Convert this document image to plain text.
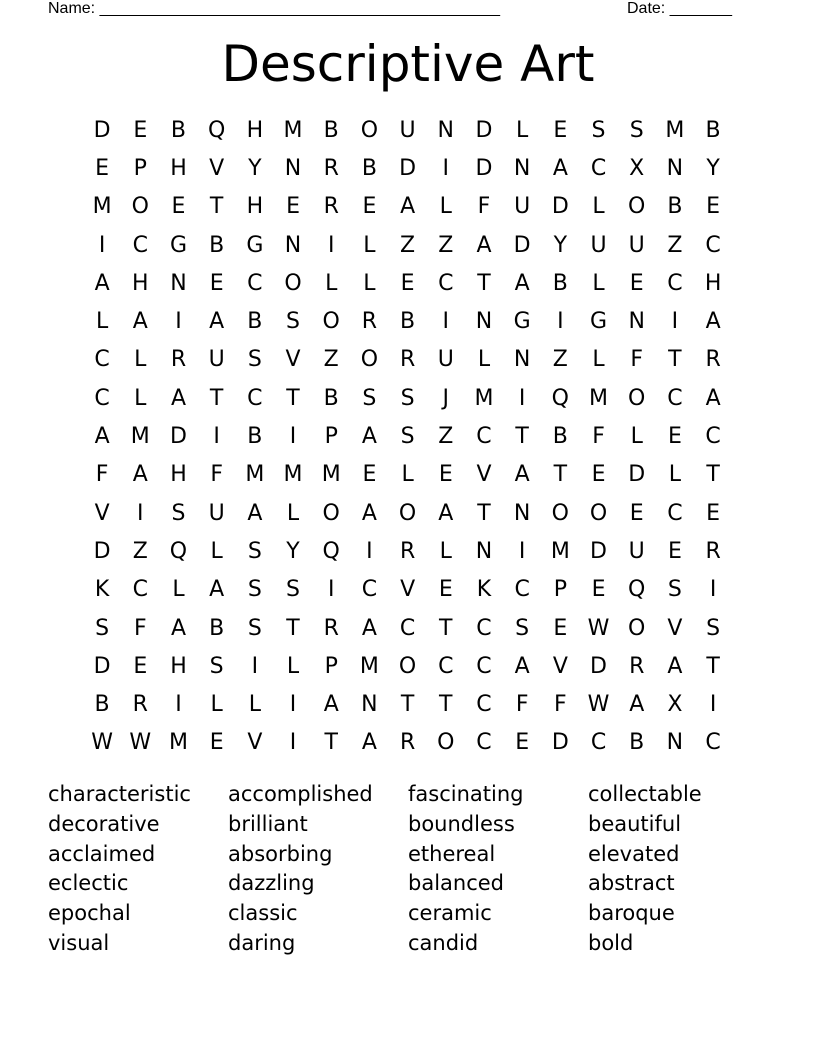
Name: _____________________________________________	Date: _______
Descriptive Art
D	E	B Q H M B O U N D	L	E	S	S M B
E	P	H	V	Y	N	R	B	D	I	D N	A	C	X	N	Y
M O	E	T	H	E	R	E	A	L	F	U D	L	O B	E
I	C G	B	G N	I	L	Z	Z	A	D	Y	U	U	Z	C
A	H N	E	C O	L	L	E	C	T	A	B	L	E	C	H
L	A	I	A	B	S	O R	B	I	N G	I	G N	I	A
C	L	R	U	S	V	Z O R	U	L	N	Z	L	F	T	R
C	L	A	T	C	T	B	S	S	J	M	I	Q M O C	A
A M D	I	B	I	P	A	S	Z	C	T	B	F	L	E	C
F	A	H	F	M M M E	L	E	V	A	T	E	D	L	T
V	I	S	U	A	L	O	A O	A	T	N O O	E	C	E
D	Z Q	L	S	Y	Q	I	R	L	N	I	M D U	E	R
K	C	L	A	S	S	I	C	V	E	K	C	P	E	Q	S	I
S	F	A	B	S	T	R	A	C	T	C	S	E W O	V	S
D	E	H	S	I	L	P	M O C	C	A	V	D	R	A	T
B	R	I	L	L	I	A	N	T	T	C	F	F W A	X	I
W W M E	V	I	T	A	R O C	E	D	C	B	N	C
characteristic	accomplished	fascinating	collectable
decorative	brilliant	boundless	beautiful
acclaimed	absorbing	ethereal	elevated
eclectic	dazzling	balanced	abstract
epochal	classic	ceramic	baroque
visual	daring	candid	bold
